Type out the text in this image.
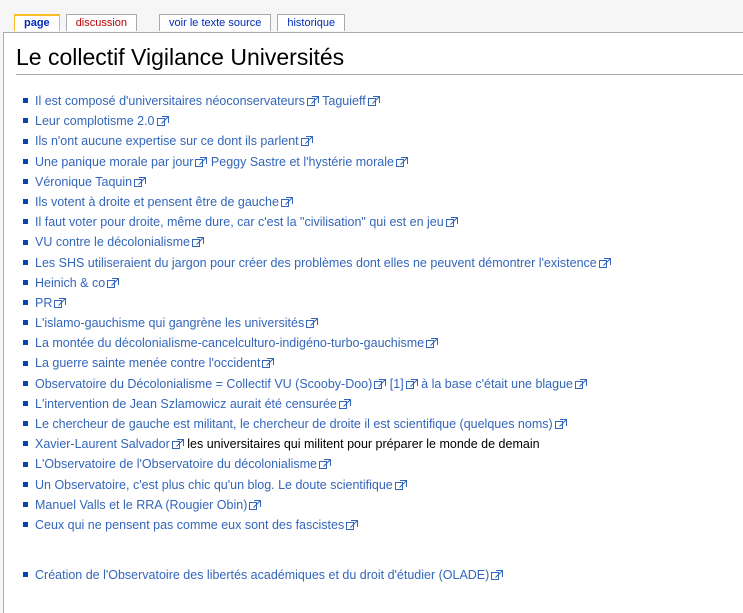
page	discussion	voir le texte source	historique
Le collectif Vigilance Universités
Il est composé d'universitaires néoconservateurs Taguieff
Leur complotisme 2.0
Ils n'ont aucune expertise sur ce dont ils parlent
Une panique morale par jour Peggy Sastre et l'hystérie morale
Véronique Taquin
Ils votent à droite et pensent être de gauche
Il faut voter pour droite, même dure, car c'est la "civilisation" qui est en jeu
VU contre le décolonialisme
Les SHS utiliseraient du jargon pour créer des problèmes dont elles ne peuvent démontrer l'existence
Heinich & co
PR
L'islamo-gauchisme qui gangrène les universités
La montée du décolonialisme-cancelculturo-indigéno-turbo-gauchisme
La guerre sainte menée contre l'occident
Observatoire du Décolonialisme = Collectif VU (Scooby-Doo) [1] à la base c'était une blague
L'intervention de Jean Szlamowicz aurait été censurée
Le chercheur de gauche est militant, le chercheur de droite il est scientifique (quelques noms)
Xavier-Laurent Salvador les universitaires qui militent pour préparer le monde de demain
L'Observatoire de l'Observatoire du décolonialisme
Un Observatoire, c'est plus chic qu'un blog. Le doute scientifique
Manuel Valls et le RRA (Rougier Obin)
Ceux qui ne pensent pas comme eux sont des fascistes
Création de l'Observatoire des libertés académiques et du droit d'étudier (OLADE)
